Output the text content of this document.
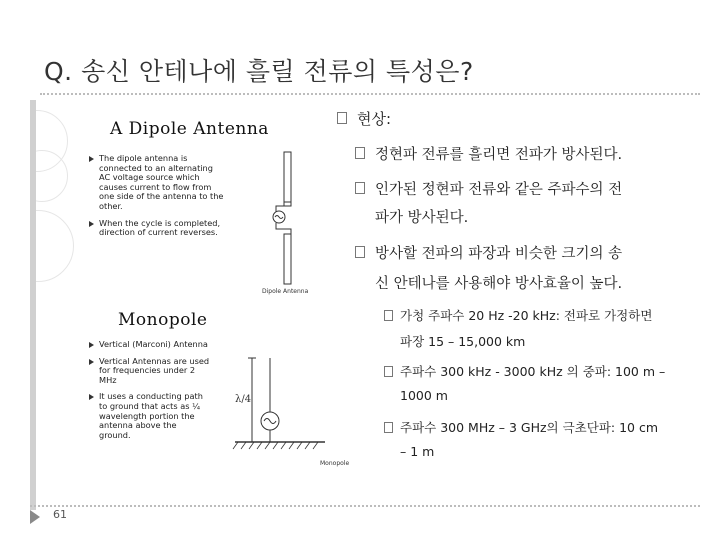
Q. 송신 안테나에 흘릴 전류의 특성은?
61
A Dipole Antenna
The dipole antenna is connected to an alternating AC voltage source which causes current to flow from one side of the antenna to the other.
When the cycle is completed, direction of current reverses.
Dipole Antenna
Monopole
Vertical (Marconi) Antenna
Vertical Antennas are used for frequencies under 2 MHz
It uses a conducting path to ground that acts as ¼ wavelength portion the antenna above the ground.
λ/4
Monopole
현상:
정현파 전류를 흘리면 전파가 방사된다.
인가된 정현파 전류와 같은 주파수의 전
파가 방사된다.
방사할 전파의 파장과 비슷한 크기의 송
신 안테나를 사용해야 방사효율이 높다.
가청 주파수 20 Hz -20 kHz: 전파로 가정하면
파장 15 – 15,000 km
주파수 300 kHz - 3000 kHz 의 중파: 100 m –
1000 m
주파수 300 MHz – 3 GHz의 극초단파: 10 cm
– 1 m
